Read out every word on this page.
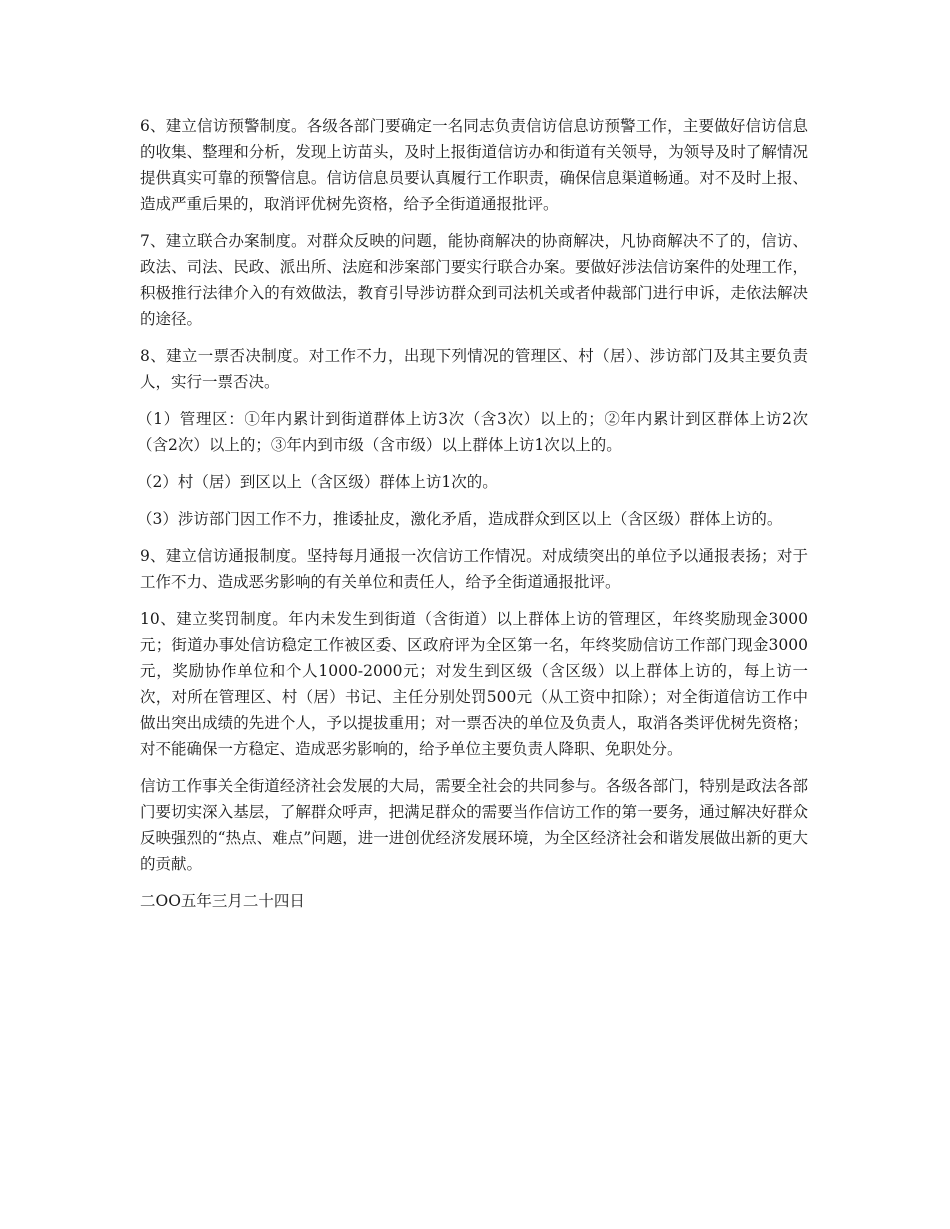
6、建立信访预警制度。各级各部门要确定一名同志负责信访信息访预警工作，主要做好信访信息的收集、整理和分析，发现上访苗头，及时上报街道信访办和街道有关领导，为领导及时了解情况提供真实可靠的预警信息。信访信息员要认真履行工作职责，确保信息渠道畅通。对不及时上报、造成严重后果的，取消评优树先资格，给予全街道通报批评。

7、建立联合办案制度。对群众反映的问题，能协商解决的协商解决，凡协商解决不了的，信访、政法、司法、民政、派出所、法庭和涉案部门要实行联合办案。要做好涉法信访案件的处理工作，积极推行法律介入的有效做法，教育引导涉访群众到司法机关或者仲裁部门进行申诉，走依法解决的途径。

8、建立一票否决制度。对工作不力，出现下列情况的管理区、村（居）、涉访部门及其主要负责人，实行一票否决。

（1）管理区：①年内累计到街道群体上访3次（含3次）以上的；②年内累计到区群体上访2次（含2次）以上的；③年内到市级（含市级）以上群体上访1次以上的。

（2）村（居）到区以上（含区级）群体上访1次的。

（3）涉访部门因工作不力，推诿扯皮，激化矛盾，造成群众到区以上（含区级）群体上访的。

9、建立信访通报制度。坚持每月通报一次信访工作情况。对成绩突出的单位予以通报表扬；对于工作不力、造成恶劣影响的有关单位和责任人，给予全街道通报批评。

10、建立奖罚制度。年内未发生到街道（含街道）以上群体上访的管理区，年终奖励现金3000元；街道办事处信访稳定工作被区委、区政府评为全区第一名，年终奖励信访工作部门现金3000元，奖励协作单位和个人1000-2000元；对发生到区级（含区级）以上群体上访的，每上访一次，对所在管理区、村（居）书记、主任分别处罚500元（从工资中扣除）；对全街道信访工作中做出突出成绩的先进个人，予以提拔重用；对一票否决的单位及负责人，取消各类评优树先资格；对不能确保一方稳定、造成恶劣影响的，给予单位主要负责人降职、免职处分。

信访工作事关全街道经济社会发展的大局，需要全社会的共同参与。各级各部门，特别是政法各部门要切实深入基层，了解群众呼声，把满足群众的需要当作信访工作的第一要务，通过解决好群众反映强烈的“热点、难点”问题，进一进创优经济发展环境，为全区经济社会和谐发展做出新的更大的贡献。

二OO五年三月二十四日
